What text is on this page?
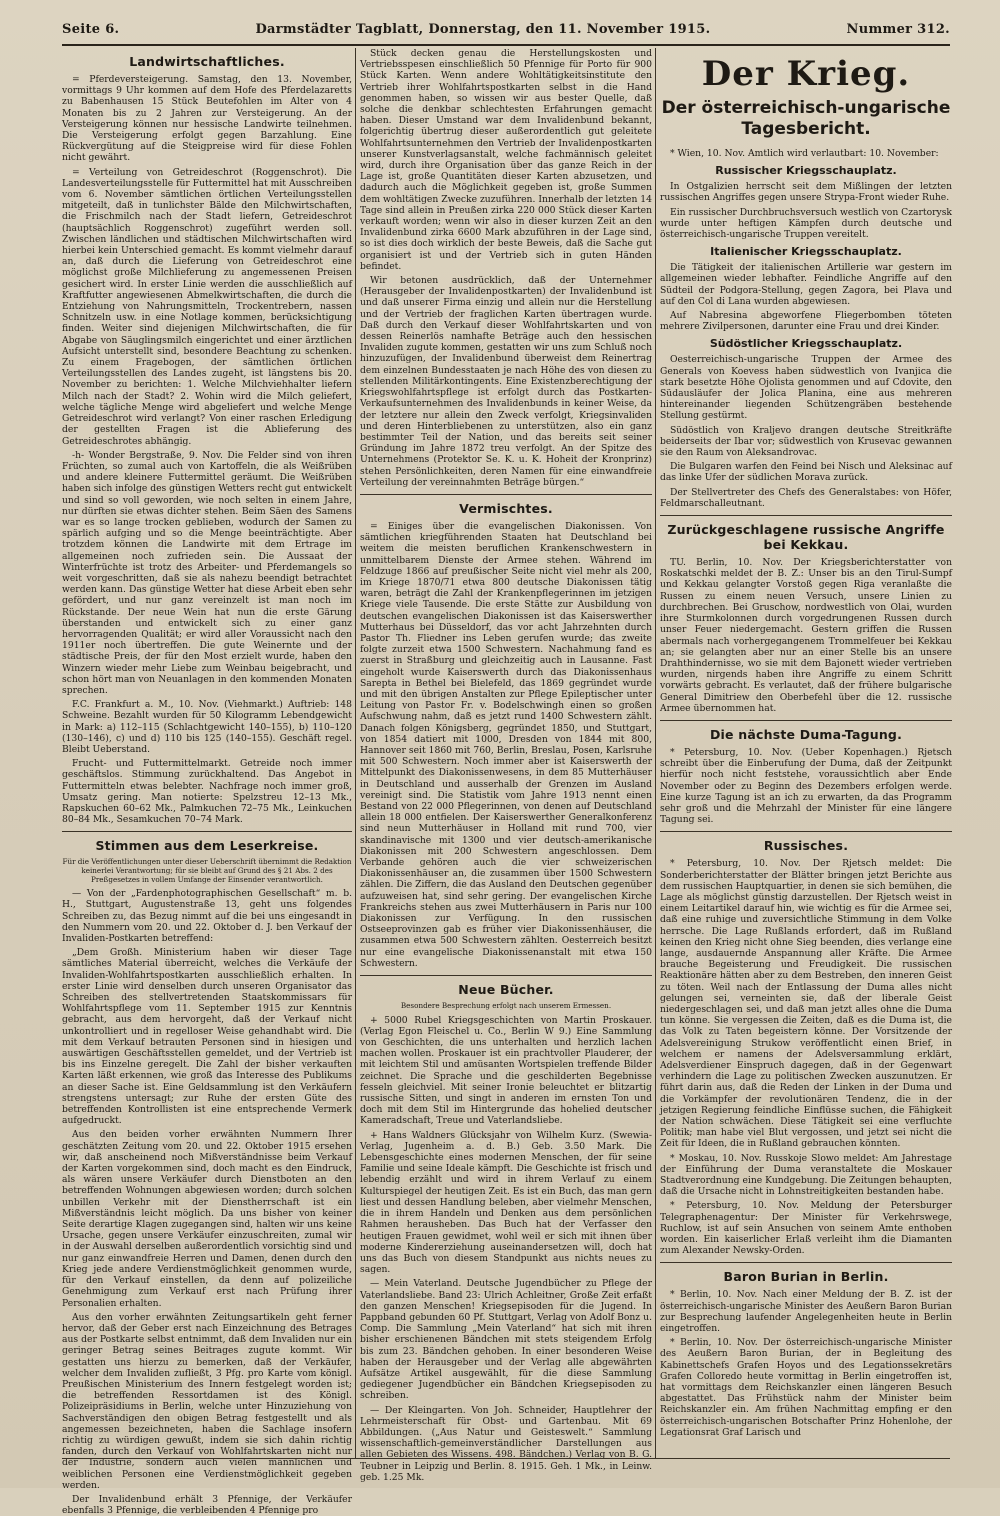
Seite 6.	Darmstädter Tagblatt, Donnerstag, den 11. November 1915.	Nummer 312.
Landwirtschaftliches.

= Pferdeversteigerung. Samstag, den 13. November, vormittags 9 Uhr kommen auf dem Hofe des Pferdelazaretts zu Babenhausen 15 Stück Beutefohlen im Alter von 4 Monaten bis zu 2 Jahren zur Versteigerung. An der Versteigerung können nur hessische Landwirte teilnehmen. Die Versteigerung erfolgt gegen Barzahlung. Eine Rückvergütung auf die Steigpreise wird für diese Fohlen nicht gewährt.

= Verteilung von Getreideschrot (Roggenschrot). Die Landesverteilungsstelle für Futtermittel hat mit Ausschreiben vom 6. November sämtlichen örtlichen Verteilungsstellen mitgeteilt, daß in tunlichster Bälde den Milchwirtschaften, die Frischmilch nach der Stadt liefern, Getreideschrot (hauptsächlich Roggenschrot) zugeführt werden soll. Zwischen ländlichen und städtischen Milchwirtschaften wird hierbei kein Unterschied gemacht. Es kommt vielmehr darauf an, daß durch die Lieferung von Getreideschrot eine möglichst große Milchlieferung zu angemessenen Preisen gesichert wird. In erster Linie werden die ausschließlich auf Kraftfutter angewiesenen Abmelkwirtschaften, die durch die Entziehung von Nahrungsmitteln, Trockentrebern, nassen Schnitzeln usw. in eine Notlage kommen, berücksichtigung finden. Weiter sind diejenigen Milchwirtschaften, die für Abgabe von Säuglingsmilch eingerichtet und einer ärztlichen Aufsicht unterstellt sind, besondere Beachtung zu schenken. Zu einem Fragebogen, der sämtlichen örtlichen Verteilungsstellen des Landes zugeht, ist längstens bis 20. November zu berichten: 1. Welche Milchviehhalter liefern Milch nach der Stadt? 2. Wohin wird die Milch geliefert, welche tägliche Menge wird abgeliefert und welche Menge Getreideschrot wird verlangt? Von einer raschen Erledigung der gestellten Fragen ist die Ablieferung des Getreideschrotes abhängig.

-h- Wonder Bergstraße, 9. Nov. Die Felder sind von ihren Früchten, so zumal auch von Kartoffeln, die als Weißrüben und andere kleinere Futtermittel geräumt. Die Weißrüben haben sich infolge des günstigen Wetters recht gut entwickelt und sind so voll geworden, wie noch selten in einem Jahre, nur dürften sie etwas dichter stehen. Beim Säen des Samens war es so lange trocken geblieben, wodurch der Samen zu spärlich aufging und so die Menge beeinträchtigte. Aber trotzdem können die Landwirte mit dem Ertrage im allgemeinen noch zufrieden sein. Die Aussaat der Winterfrüchte ist trotz des Arbeiter- und Pferdemangels so weit vorgeschritten, daß sie als nahezu beendigt betrachtet werden kann. Das günstige Wetter hat diese Arbeit eben sehr gefördert, und nur ganz vereinzelt ist man noch im Rückstande. Der neue Wein hat nun die erste Gärung überstanden und entwickelt sich zu einer ganz hervorragenden Qualität; er wird aller Voraussicht nach den 1911er noch übertreffen. Die gute Weinernte und der städtische Preis, der für den Most erzielt wurde, haben den Winzern wieder mehr Liebe zum Weinbau beigebracht, und schon hört man von Neuanlagen in den kommenden Monaten sprechen.

F.C. Frankfurt a. M., 10. Nov. (Viehmarkt.) Auftrieb: 148 Schweine. Bezahlt wurden für 50 Kilogramm Lebendgewicht in Mark: a) 112–115 (Schlachtgewicht 140–155), b) 110–120 (130–146), c) und d) 110 bis 125 (140–155). Geschäft regel. Bleibt Ueberstand.

Frucht- und Futtermittelmarkt. Getreide noch immer geschäftslos. Stimmung zurückhaltend. Das Angebot in Futtermitteln etwas belebter. Nachfrage noch immer groß, Umsatz gering. Man notierte: Spelzstreu 12–13 Mk., Rapskuchen 60–62 Mk., Palmkuchen 72–75 Mk., Leinkuchen 80–84 Mk., Sesamkuchen 70–74 Mark.

Stimmen aus dem Leserkreise.

Für die Veröffentlichungen unter dieser Ueberschrift übernimmt die Redaktion keinerlei Verantwortung; für sie bleibt auf Grund des § 21 Abs. 2 des Preßgesetzes in vollem Umfange der Einsender verantwortlich.

— Von der „Fardenphotographischen Gesellschaft“ m. b. H., Stuttgart, Augustenstraße 13, geht uns folgendes Schreiben zu, das Bezug nimmt auf die bei uns eingesandt in den Nummern vom 20. und 22. Oktober d. J. ben Verkauf der Invaliden-Postkarten betreffend:

„Dem Großh. Ministerium haben wir dieser Tage sämtliches Material überreicht, welches die Verkäufe der Invaliden-Wohlfahrtspostkarten ausschließlich erhalten. In erster Linie wird denselben durch unseren Organisator das Schreiben des stellvertretenden Staatskommissars für Wohlfahrtspflege vom 11. September 1915 zur Kenntnis gebracht, aus dem hervorgeht, daß der Verkauf nicht unkontrolliert und in regelloser Weise gehandhabt wird. Die mit dem Verkauf betrauten Personen sind in hiesigen und auswärtigen Geschäftsstellen gemeldet, und der Vertrieb ist bis ins Einzelne geregelt. Die Zahl der bisher verkauften Karten läßt erkennen, wie groß das Interesse des Publikums an dieser Sache ist. Eine Geldsammlung ist den Verkäufern strengstens untersagt; zur Ruhe der ersten Güte des betreffenden Kontrollisten ist eine entsprechende Vermerk aufgedruckt.

Aus den beiden vorher erwähnten Nummern Ihrer geschätzten Zeitung vom 20. und 22. Oktober 1915 ersehen wir, daß anscheinend noch Mißverständnisse beim Verkauf der Karten vorgekommen sind, doch macht es den Eindruck, als wären unsere Verkäufer durch Dienstboten an den betreffenden Wohnungen abgewiesen worden; durch solchen unbillen Verkehr mit der Dienstherrschaft ist ein Mißverständnis leicht möglich. Da uns bisher von keiner Seite derartige Klagen zugegangen sind, halten wir uns keine Ursache, gegen unsere Verkäufer einzuschreiten, zumal wir in der Auswahl derselben außerordentlich vorsichtig sind und nur ganz einwandfreie Herren und Damen, denen durch den Krieg jede andere Verdienstmöglichkeit genommen wurde, für den Verkauf einstellen, da denn auf polizeiliche Genehmigung zum Verkauf erst nach Prüfung ihrer Personalien erhalten.

Aus den vorher erwähnten Zeitungsartikeln geht ferner hervor, daß der Geber erst nach Einzeichnung des Betrages aus der Postkarte selbst entnimmt, daß dem Invaliden nur ein geringer Betrag seines Beitrages zugute kommt. Wir gestatten uns hierzu zu bemerken, daß der Verkäufer, welcher dem Invaliden zufließt, 3 Pfg. pro Karte vom königl. Preußischen Ministerium des Innern festgelegt worden ist; die betreffenden Ressortdamen ist des Königl. Polizeipräsidiums in Berlin, welche unter Hinzuziehung von Sachverständigen den obigen Betrag festgestellt und als angemessen bezeichneten, haben die Sachlage insofern richtig zu würdigen gewußt, indem sie sich dahin richtig fanden, durch den Verkauf von Wohlfahrtskarten nicht nur der Industrie, sondern auch vielen männlichen und weiblichen Personen eine Verdienstmöglichkeit gegeben werden.

Der Invalidenbund erhält 3 Pfennige, der Verkäufer ebenfalls 3 Pfennige, die verbleibenden 4 Pfennige pro

Stück decken genau die Herstellungskosten und Vertriebsspesen einschließlich 50 Pfennige für Porto für 900 Stück Karten. Wenn andere Wohltätigkeitsinstitute den Vertrieb ihrer Wohlfahrtspostkarten selbst in die Hand genommen haben, so wissen wir aus bester Quelle, daß solche die denkbar schlechtesten Erfahrungen gemacht haben. Dieser Umstand war dem Invalidenbund bekannt, folgerichtig übertrug dieser außerordentlich gut geleitete Wohlfahrtsunternehmen den Vertrieb der Invalidenpostkarten unserer Kunstverlagsanstalt, welche fachmännisch geleitet wird, durch ihre Organisation über das ganze Reich in der Lage ist, große Quantitäten dieser Karten abzusetzen, und dadurch auch die Möglichkeit gegeben ist, große Summen dem wohltätigen Zwecke zuzuführen. Innerhalb der letzten 14 Tage sind allein in Preußen zirka 220 000 Stück dieser Karten verkauft worden; wenn wir also in dieser kurzen Zeit an den Invalidenbund zirka 6600 Mark abzuführen in der Lage sind, so ist dies doch wirklich der beste Beweis, daß die Sache gut organisiert ist und der Vertrieb sich in guten Händen befindet.

Wir betonen ausdrücklich, daß der Unternehmer (Herausgeber der Invalidenpostkarten) der Invalidenbund ist und daß unserer Firma einzig und allein nur die Herstellung und der Vertrieb der fraglichen Karten übertragen wurde. Daß durch den Verkauf dieser Wohlfahrtskarten und von dessen Reinerlös namhafte Beträge auch den hessischen Invaliden zugute kommen, gestatten wir uns zum Schluß noch hinzuzufügen, der Invalidenbund überweist dem Reinertrag dem einzelnen Bundesstaaten je nach Höhe des von diesen zu stellenden Militärkontingents. Eine Existenzberechtigung der Kriegswohlfahrtspflege ist erfolgt durch das Postkarten-Verkaufsunternehmen des Invalidenbunds in keiner Weise, da der letztere nur allein den Zweck verfolgt, Kriegsinvaliden und deren Hinterbliebenen zu unterstützen, also ein ganz bestimmter Teil der Nation, und das bereits seit seiner Gründung im Jahre 1872 treu verfolgt. An der Spitze des Unternehmens (Protektor Se. K. u. K. Hoheit der Kronprinz) stehen Persönlichkeiten, deren Namen für eine einwandfreie Verteilung der vereinnahmten Beträge bürgen.“

Vermischtes.

= Einiges über die evangelischen Diakonissen. Von sämtlichen kriegführenden Staaten hat Deutschland bei weitem die meisten beruflichen Krankenschwestern in unmittelbarem Dienste der Armee stehen. Während im Feldzuge 1866 auf preußischer Seite nicht viel mehr als 200, im Kriege 1870/71 etwa 800 deutsche Diakonissen tätig waren, beträgt die Zahl der Krankenpflegerinnen im jetzigen Kriege viele Tausende. Die erste Stätte zur Ausbildung von deutschen evangelischen Diakonissen ist das Kaiserswerther Mutterhaus bei Düsseldorf, das vor acht Jahrzehnten durch Pastor Th. Fliedner ins Leben gerufen wurde; das zweite folgte zurzeit etwa 1500 Schwestern. Nachahmung fand es zuerst in Straßburg und gleichzeitig auch in Lausanne. Fast eingeholt wurde Kaiserswerth durch das Diakonissenhaus Sarepta in Bethel bei Bielefeld, das 1869 gegründet wurde und mit den übrigen Anstalten zur Pflege Epileptischer unter Leitung von Pastor Fr. v. Bodelschwingh einen so großen Aufschwung nahm, daß es jetzt rund 1400 Schwestern zählt. Danach folgen Königsberg, gegründet 1850, und Stuttgart, von 1854 datiert mit 1000, Dresden von 1844 mit 800, Hannover seit 1860 mit 760, Berlin, Breslau, Posen, Karlsruhe mit 500 Schwestern. Noch immer aber ist Kaiserswerth der Mittelpunkt des Diakonissenwesens, in dem 85 Mutterhäuser in Deutschland und ausserhalb der Grenzen im Ausland vereinigt sind. Die Statistik vom Jahre 1913 nennt einen Bestand von 22 000 Pflegerinnen, von denen auf Deutschland allein 18 000 entfielen. Der Kaiserswerther Generalkonferenz sind neun Mutterhäuser in Holland mit rund 700, vier skandinavische mit 1300 und vier deutsch-amerikanische Diakonissen mit 200 Schwestern angeschlossen. Dem Verbande gehören auch die vier schweizerischen Diakonissenhäuser an, die zusammen über 1500 Schwestern zählen. Die Ziffern, die das Ausland den Deutschen gegenüber aufzuweisen hat, sind sehr gering. Der evangelischen Kirche Frankreichs stehen aus zwei Mutterhäusern in Paris nur 100 Diakonissen zur Verfügung. In den russischen Ostseeprovinzen gab es früher vier Diakonissenhäuser, die zusammen etwa 500 Schwestern zählten. Oesterreich besitzt nur eine evangelische Diakonissenanstalt mit etwa 150 Schwestern.

Neue Bücher.

Besondere Besprechung erfolgt nach unserem Ermessen.

+ 5000 Rubel Kriegsgeschichten von Martin Proskauer. (Verlag Egon Fleischel u. Co., Berlin W 9.) Eine Sammlung von Geschichten, die uns unterhalten und herzlich lachen machen wollen. Proskauer ist ein prachtvoller Plauderer, der mit leichtem Stil und amüsanten Wortspielen treffende Bilder zeichnet. Die Sprache und die geschilderten Begebnisse fesseln gleichviel. Mit seiner Ironie beleuchtet er blitzartig russische Sitten, und singt in anderen im ernsten Ton und doch mit dem Stil im Hintergrunde das hohelied deutscher Kameradschaft, Treue und Vaterlandsliebe.

+ Hans Waldners Glücksjahr von Wilhelm Kurz. (Swewia-Verlag, Jugenheim a. d. B.) Geb. 3.50 Mark. Die Lebensgeschichte eines modernen Menschen, der für seine Familie und seine Ideale kämpft. Die Geschichte ist frisch und lebendig erzählt und wird in ihrem Verlauf zu einem Kulturspiegel der heutigen Zeit. Es ist ein Buch, das man gern liest und dessen Handlung beleben, aber vielmehr Menschen, die in ihrem Handeln und Denken aus dem persönlichen Rahmen herausheben. Das Buch hat der Verfasser den heutigen Frauen gewidmet, wohl weil er sich mit ihnen über moderne Kindererziehung auseinandersetzen will, doch hat uns das Buch von diesem Standpunkt aus nichts neues zu sagen.

— Mein Vaterland. Deutsche Jugendbücher zu Pflege der Vaterlandsliebe. Band 23: Ulrich Achleitner, Große Zeit erfaßt den ganzen Menschen! Kriegsepisoden für die Jugend. In Pappband gebunden 60 Pf. Stuttgart, Verlag von Adolf Bonz u. Comp. Die Sammlung „Mein Vaterland“ hat sich mit ihren bisher erschienenen Bändchen mit stets steigendem Erfolg bis zum 23. Bändchen gehoben. In einer besonderen Weise haben der Herausgeber und der Verlag alle abgewährten Aufsätze Artikel ausgewählt, für die diese Sammlung gediegener Jugendbücher ein Bändchen Kriegsepisoden zu schreiben.

— Der Kleingarten. Von Joh. Schneider, Hauptlehrer der Lehrmeisterschaft für Obst- und Gartenbau. Mit 69 Abbildungen. („Aus Natur und Geisteswelt.“ Sammlung wissenschaftlich-gemeinverständlicher Darstellungen aus allen Gebieten des Wissens. 498. Bändchen.) Verlag von B. G. Teubner in Leipzig und Berlin. 8. 1915. Geh. 1 Mk., in Leinw. geb. 1.25 Mk.

Der Krieg.
Der österreichisch-ungarische Tagesbericht.

* Wien, 10. Nov. Amtlich wird verlautbart: 10. November:

Russischer Kriegsschauplatz.

In Ostgalizien herrscht seit dem Mißlingen der letzten russischen Angriffes gegen unsere Strypa-Front wieder Ruhe.

Ein russischer Durchbruchsversuch westlich von Czartorysk wurde unter heftigen Kämpfen durch deutsche und österreichisch-ungarische Truppen vereitelt.

Italienischer Kriegsschauplatz.

Die Tätigkeit der italienischen Artillerie war gestern im allgemeinen wieder lebhafter. Feindliche Angriffe auf den Südteil der Podgora-Stellung, gegen Zagora, bei Plava und auf den Col di Lana wurden abgewiesen.

Auf Nabresina abgeworfene Fliegerbomben töteten mehrere Zivilpersonen, darunter eine Frau und drei Kinder.

Südöstlicher Kriegsschauplatz.

Oesterreichisch-ungarische Truppen der Armee des Generals von Koevess haben südwestlich von Ivanjica die stark besetzte Höhe Ojolista genommen und auf Cdovite, den Südausläufer der Jolica Planina, eine aus mehreren hintereinander liegenden Schützengräben bestehende Stellung gestürmt.

Südöstlich von Kraljevo drangen deutsche Streitkräfte beiderseits der Ibar vor; südwestlich von Krusevac gewannen sie den Raum von Aleksandrovac.

Die Bulgaren warfen den Feind bei Nisch und Aleksinac auf das linke Ufer der südlichen Morava zurück.

Der Stellvertreter des Chefs des Generalstabes: von Höfer, Feldmarschalleutnant.

Zurückgeschlagene russische Angriffe bei Kekkau.

TU. Berlin, 10. Nov. Der Kriegsberichterstatter von Roskatschki meldet der B. Z.: Unser bis an den Tirul-Sumpf und Kekkau gelangter Vorstoß gegen Riga veranlaßte die Russen zu einem neuen Versuch, unsere Linien zu durchbrechen. Bei Gruschow, nordwestlich von Olai, wurden ihre Sturmkolonnen durch vorgedrungenen Russen durch unser Feuer niedergemacht. Gestern griffen die Russen abermals nach vorhergegangenem Trommelfeuer bei Kekkau an; sie gelangten aber nur an einer Stelle bis an unsere Drahthindernisse, wo sie mit dem Bajonett wieder vertrieben wurden, nirgends haben ihre Angriffe zu einem Schritt vorwärts gebracht. Es verlautet, daß der frühere bulgarische General Dimitriew den Oberbefehl über die 12. russische Armee übernommen hat.

Die nächste Duma-Tagung.

* Petersburg, 10. Nov. (Ueber Kopenhagen.) Rjetsch schreibt über die Einberufung der Duma, daß der Zeitpunkt hierfür noch nicht feststehe, voraussichtlich aber Ende November oder zu Beginn des Dezembers erfolgen werde. Eine kurze Tagung ist an ich zu erwarten, da das Programm sehr groß und die Mehrzahl der Minister für eine längere Tagung sei.

Russisches.

* Petersburg, 10. Nov. Der Rjetsch meldet: Die Sonderberichterstatter der Blätter bringen jetzt Berichte aus dem russischen Hauptquartier, in denen sie sich bemühen, die Lage als möglichst günstig darzustellen. Der Rjetsch weist in einem Leitartikel darauf hin, wie wichtig es für die Armee sei, daß eine ruhige und zuversichtliche Stimmung in dem Volke herrsche. Die Lage Rußlands erfordert, daß im Rußland keinen den Krieg nicht ohne Sieg beenden, dies verlange eine lange, ausdauernde Anspannung aller Kräfte. Die Armee brauche Begeisterung und Freudigkeit. Die russischen Reaktionäre hätten aber zu dem Bestreben, den inneren Geist zu töten. Weil nach der Entlassung der Duma alles nicht gelungen sei, verneinten sie, daß der liberale Geist niedergeschlagen sei, und daß man jetzt alles ohne die Duma tun könne. Sie vergessen die Zeiten, daß es die Duma ist, die das Volk zu Taten begeistern könne. Der Vorsitzende der Adelsvereinigung Strukow veröffentlicht einen Brief, in welchem er namens der Adelsversammlung erklärt, Adelsverdiener Einspruch dagegen, daß in der Gegenwart verhindern die Lage zu politischen Zwecken auszunutzen. Er führt darin aus, daß die Reden der Linken in der Duma und die Vorkämpfer der revolutionären Tendenz, die in der jetzigen Regierung feindliche Einflüsse suchen, die Fähigkeit der Nation schwächen. Diese Tätigkeit sei eine verfluchte Politik; man habe viel Blut vergossen, und jetzt sei nicht die Zeit für Ideen, die in Rußland gebrauchen könnten.

* Moskau, 10. Nov. Russkoje Slowo meldet: Am Jahrestage der Einführung der Duma veranstaltete die Moskauer Stadtverordnung eine Kundgebung. Die Zeitungen behaupten, daß die Ursache nicht in Lohnstreitigkeiten bestanden habe.

* Petersburg, 10. Nov. Meldung der Petersburger Telegraphenagentur: Der Minister für Verkehrswege, Ruchlow, ist auf sein Ansuchen von seinem Amte enthoben worden. Ein kaiserlicher Erlaß verleiht ihm die Diamanten zum Alexander Newsky-Orden.

Baron Burian in Berlin.

* Berlin, 10. Nov. Nach einer Meldung der B. Z. ist der österreichisch-ungarische Minister des Aeußern Baron Burian zur Besprechung laufender Angelegenheiten heute in Berlin eingetroffen.

* Berlin, 10. Nov. Der österreichisch-ungarische Minister des Aeußern Baron Burian, der in Begleitung des Kabinettschefs Grafen Hoyos und des Legationssekretärs Grafen Colloredo heute vormittag in Berlin eingetroffen ist, hat vormittags dem Reichskanzler einen längeren Besuch abgestattet. Das Frühstück nahm der Minister beim Reichskanzler ein. Am frühen Nachmittag empfing er den österreichisch-ungarischen Botschafter Prinz Hohenlohe, der Legationsrat Graf Larisch und
